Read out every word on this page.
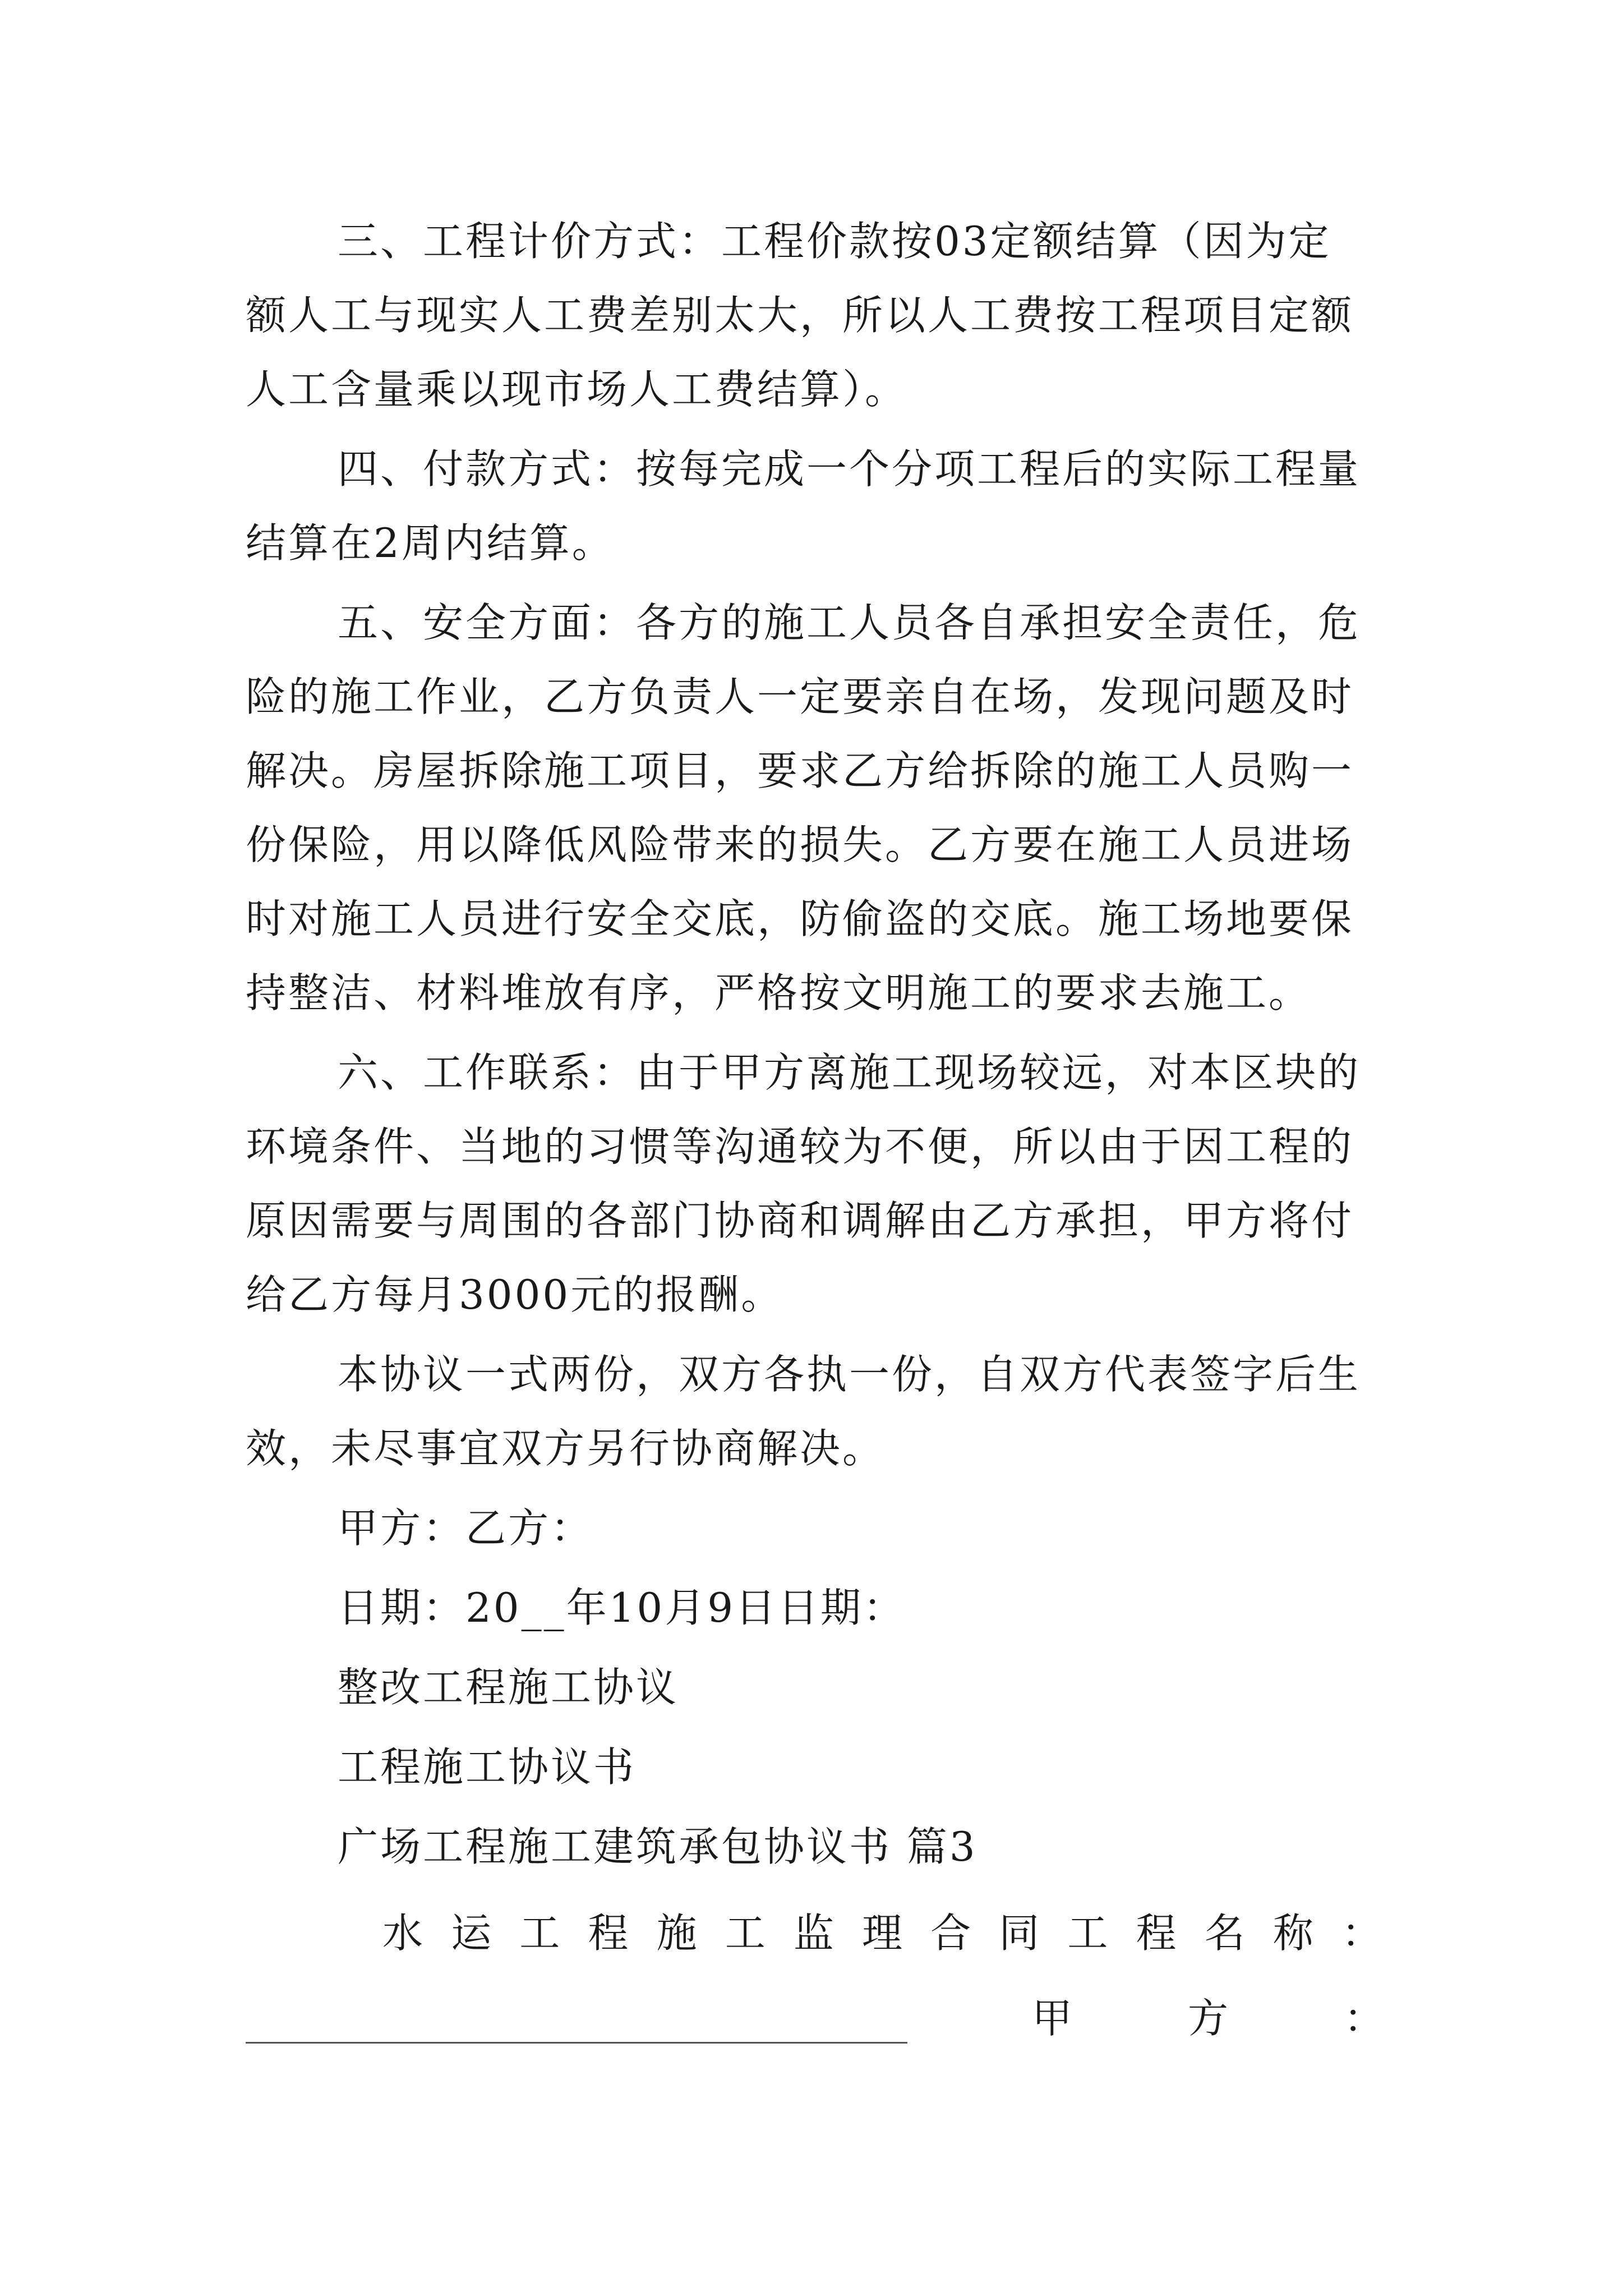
三、工程计价方式：工程价款按03定额结算（因为定
额人工与现实人工费差别太大，所以人工费按工程项目定额
人工含量乘以现市场人工费结算）。
四、付款方式：按每完成一个分项工程后的实际工程量
结算在2周内结算。
五、安全方面：各方的施工人员各自承担安全责任，危
险的施工作业，乙方负责人一定要亲自在场，发现问题及时
解决。房屋拆除施工项目，要求乙方给拆除的施工人员购一
份保险，用以降低风险带来的损失。乙方要在施工人员进场
时对施工人员进行安全交底，防偷盗的交底。施工场地要保
持整洁、材料堆放有序，严格按文明施工的要求去施工。
六、工作联系：由于甲方离施工现场较远，对本区块的
环境条件、当地的习惯等沟通较为不便，所以由于因工程的
原因需要与周围的各部门协商和调解由乙方承担，甲方将付
给乙方每月3000元的报酬。
本协议一式两份，双方各执一份，自双方代表签字后生
效，未尽事宜双方另行协商解决。
甲方：乙方：
日期：20__年10月9日日期：
整改工程施工协议
工程施工协议书
广场工程施工建筑承包协议书 篇3
水 运 工 程 施 工 监 理 合 同 工 程 名 称 ：
甲	方	：
